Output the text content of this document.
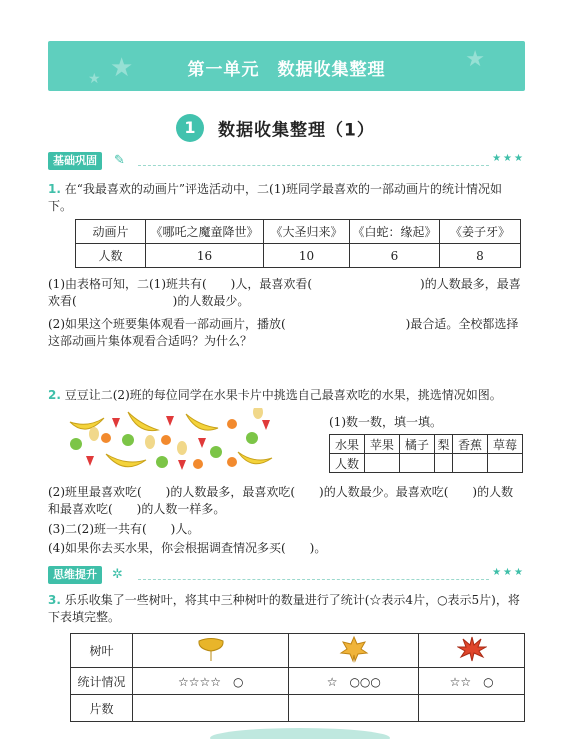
★
★
★
第一单元　数据收集整理
1 数据收集整理（1）
基础巩固	✎	★★★
1. 在“我最喜欢的动画片”评选活动中，二(1)班同学最喜欢的一部动画片的统计情况如下。
动画片	《哪吒之魔童降世》	《大圣归来》	《白蛇：缘起》	《姜子牙》
人数	16	10	6	8
(1)由表格可知，二(1)班共有(　　)人，最喜欢看(　　　　　　　　　)的人数最多，最喜欢看(　　　　　　　　)的人数最少。
(2)如果这个班要集体观看一部动画片，播放(　　　　　　　　　　)最合适。全校都选择这部动画片集体观看合适吗？为什么？
2. 豆豆让二(2)班的每位同学在水果卡片中挑选自己最喜欢吃的水果，挑选情况如图。
(1)数一数，填一填。
水果	苹果	橘子	梨	香蕉	草莓
人数					
(2)班里最喜欢吃(　　)的人数最多，最喜欢吃(　　)的人数最少。最喜欢吃(　　)的人数和最喜欢吃(　　)的人数一样多。
(3)二(2)班一共有(　　)人。
(4)如果你去买水果，你会根据调查情况多买(　　)。
思维提升	✲	★★★
3. 乐乐收集了一些树叶，将其中三种树叶的数量进行了统计(☆表示4片，○表示5片)，将下表填完整。
树叶			
统计情况	☆☆☆☆　○	☆　○○○	☆☆　○
片数			
